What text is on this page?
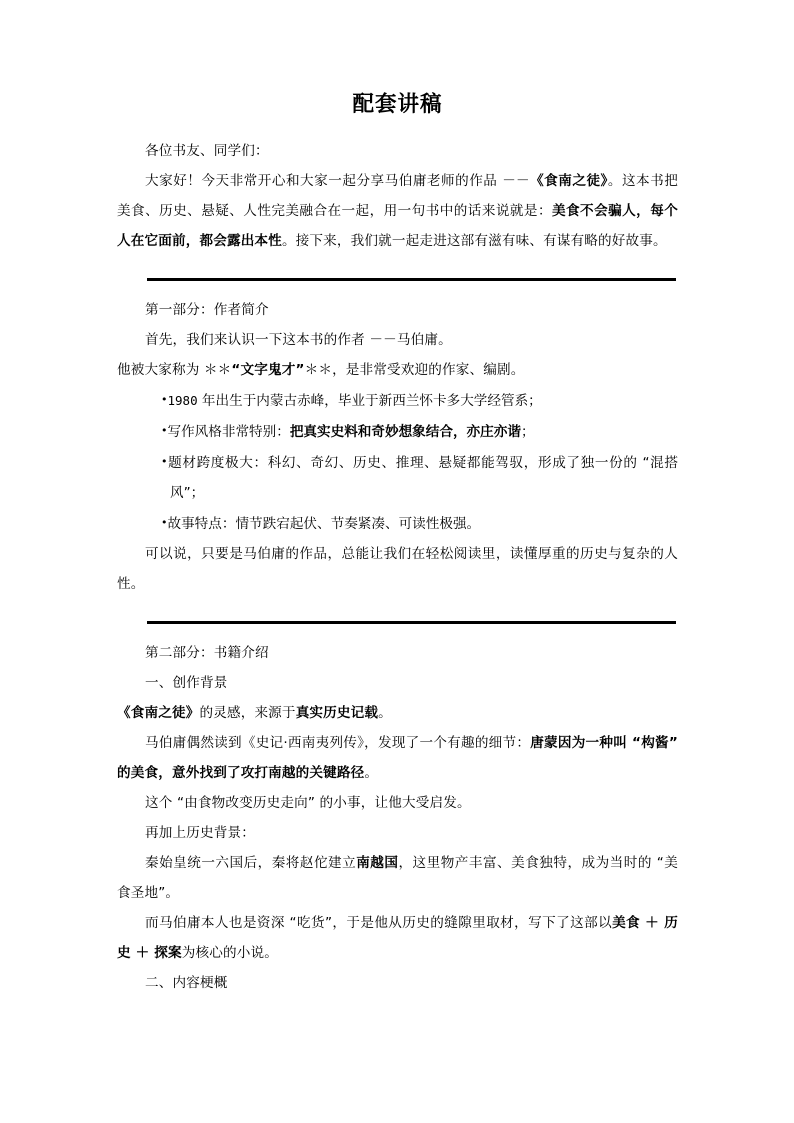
配套讲稿

各位书友、同学们：

大家好！今天非常开心和大家一起分享马伯庸老师的作品 －－《食南之徒》。这本书把美食、历史、悬疑、人性完美融合在一起，用一句书中的话来说就是：美食不会骗人，每个人在它面前，都会露出本性。接下来，我们就一起走进这部有滋有味、有谋有略的好故事。

第一部分：作者简介

首先，我们来认识一下这本书的作者 －－马伯庸。

他被大家称为 ＊＊“文字鬼才”＊＊，是非常受欢迎的作家、编剧。

•1980 年出生于内蒙古赤峰，毕业于新西兰怀卡多大学经管系；
•写作风格非常特别：把真实史料和奇妙想象结合，亦庄亦谐；
•题材跨度极大：科幻、奇幻、历史、推理、悬疑都能驾驭，形成了独一份的 “混搭风”；
•故事特点：情节跌宕起伏、节奏紧凑、可读性极强。

可以说，只要是马伯庸的作品，总能让我们在轻松阅读里，读懂厚重的历史与复杂的人性。

第二部分：书籍介绍

一、创作背景

《食南之徒》的灵感，来源于真实历史记载。

马伯庸偶然读到《史记·西南夷列传》，发现了一个有趣的细节：唐蒙因为一种叫 “构酱” 的美食，意外找到了攻打南越的关键路径。

这个 “由食物改变历史走向” 的小事，让他大受启发。

再加上历史背景：

秦始皇统一六国后，秦将赵佗建立南越国，这里物产丰富、美食独特，成为当时的 “美食圣地”。

而马伯庸本人也是资深 “吃货”，于是他从历史的缝隙里取材，写下了这部以美食 ＋ 历史 ＋ 探案为核心的小说。

二、内容梗概
